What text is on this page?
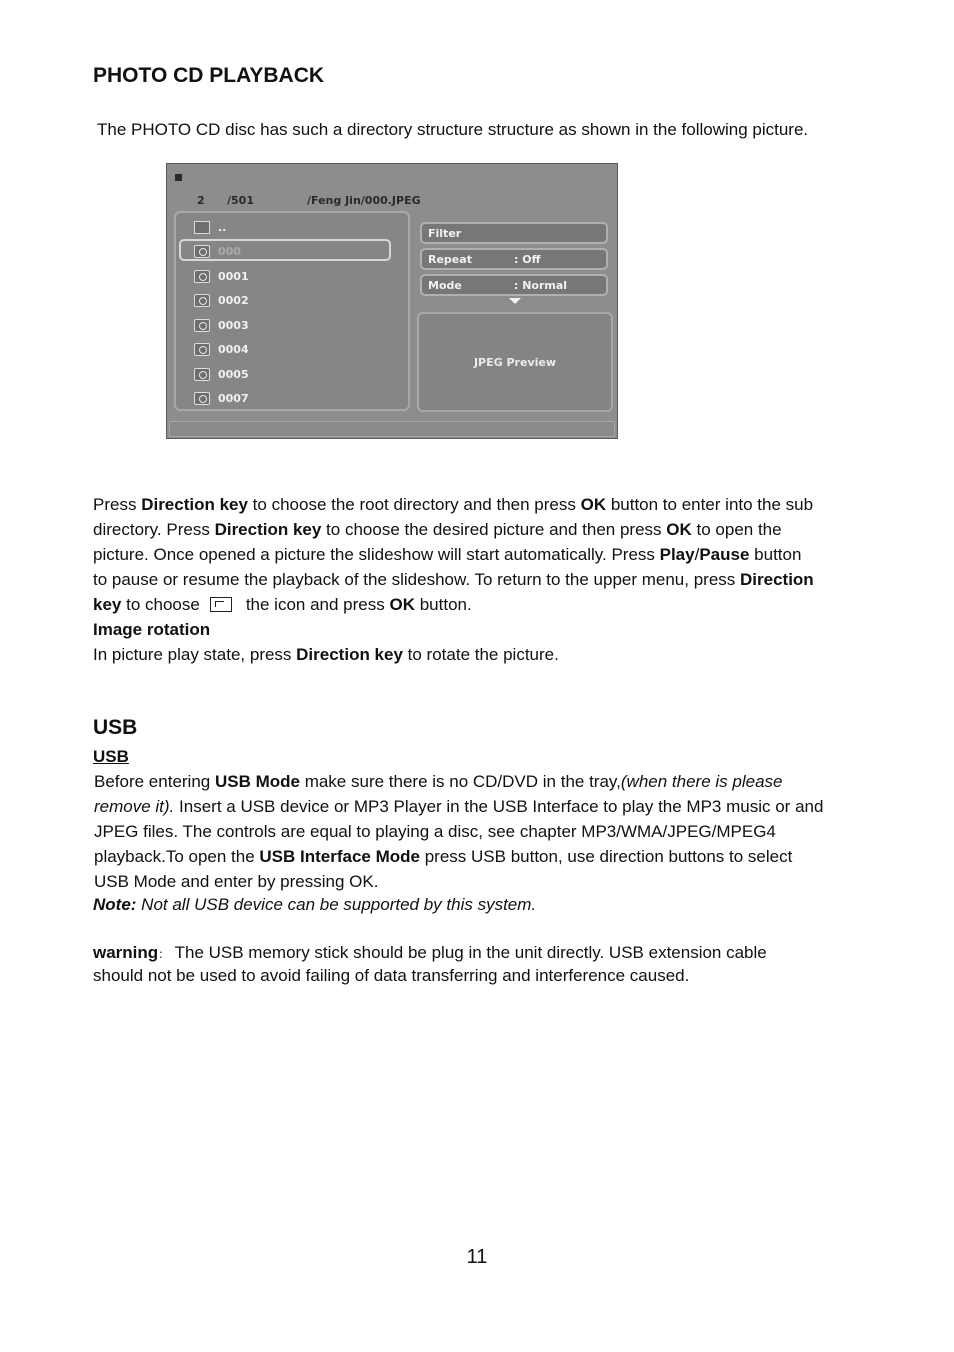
PHOTO CD PLAYBACK
The PHOTO CD disc has such a directory structure structure as shown in the following picture.
2 /501	/Feng Jin/000.JPEG
..
000
0001
0002
0003
0004
0005
0007
Filter
Repeat	: Off
Mode	: Normal
JPEG Preview
Press Direction key to choose the root directory and then press OK button to enter into the sub
directory. Press Direction key to choose the desired picture and then press OK to open the
picture. Once opened a picture the slideshow will start automatically. Press Play/Pause button
to pause or resume the playback of the slideshow. To return to the upper menu, press Direction
key to choose	the icon and press OK button.
Image rotation
In picture play state, press Direction key to rotate the picture.
USB
USB
Before entering USB Mode make sure there is no CD/DVD in the tray,(when there is please
remove it). Insert a USB device or MP3 Player in the USB Interface to play the MP3 music or and
JPEG files. The controls are equal to playing a disc, see chapter MP3/WMA/JPEG/MPEG4
playback.To open the USB Interface Mode press USB button, use direction buttons to select
USB Mode and enter by pressing OK.
Note: Not all USB device can be supported by this system.
warning： The USB memory stick should be plug in the unit directly. USB extension cable
should not be used to avoid failing of data transferring and interference caused.
11
